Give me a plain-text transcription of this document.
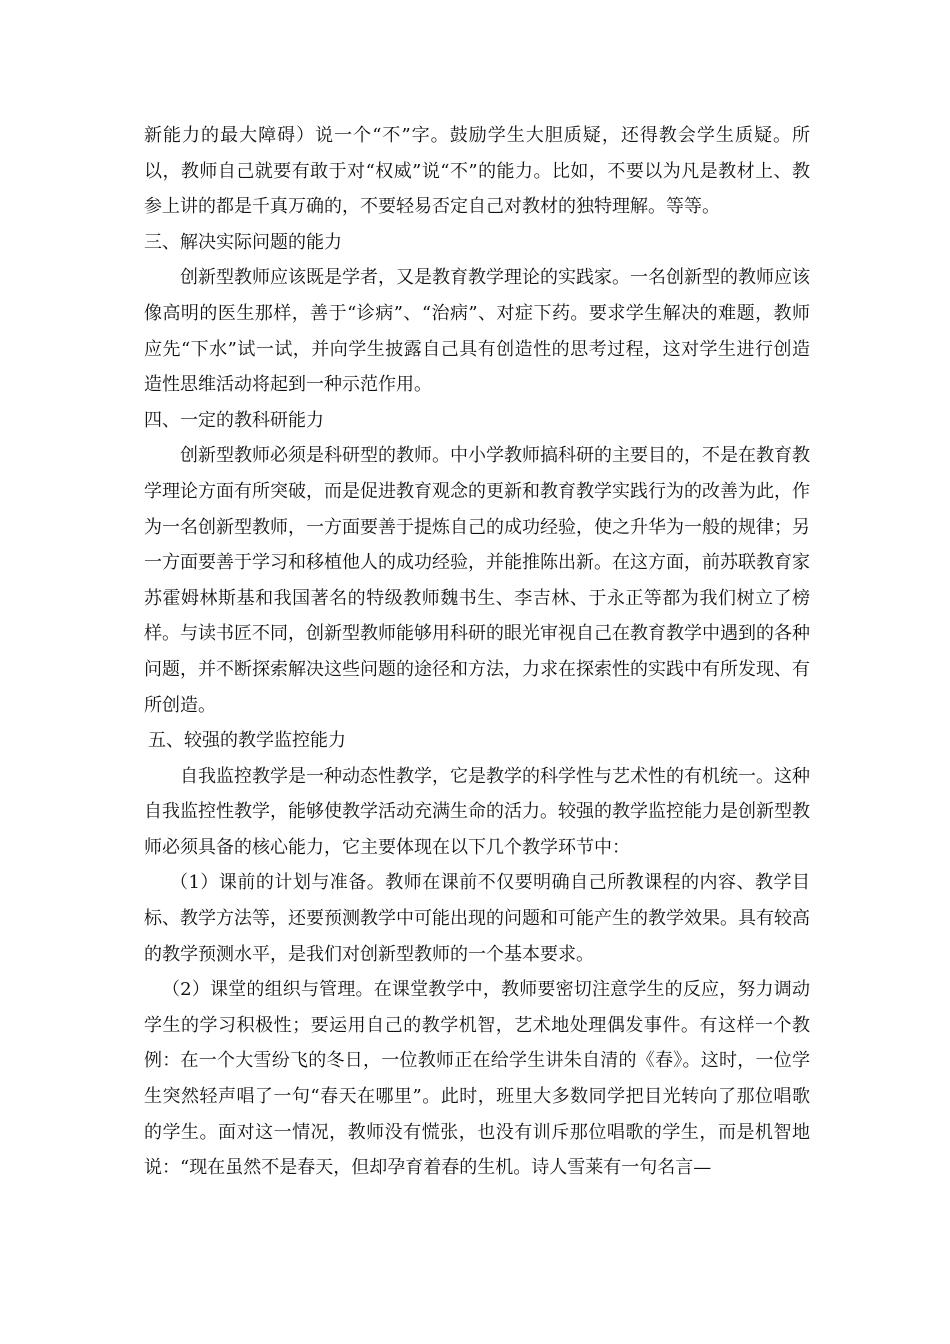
新能力的最大障碍）说一个“不”字。鼓励学生大胆质疑，还得教会学生质疑。所以，教师自己就要有敢于对“权威”说“不”的能力。比如，不要以为凡是教材上、教参上讲的都是千真万确的，不要轻易否定自己对教材的独特理解。等等。

三、解决实际问题的能力

创新型教师应该既是学者，又是教育教学理论的实践家。一名创新型的教师应该像高明的医生那样，善于“诊病”、“治病”、对症下药。要求学生解决的难题，教师应先“下水”试一试，并向学生披露自己具有创造性的思考过程，这对学生进行创造造性思维活动将起到一种示范作用。

四、一定的教科研能力

创新型教师必须是科研型的教师。中小学教师搞科研的主要目的，不是在教育教学理论方面有所突破，而是促进教育观念的更新和教育教学实践行为的改善为此，作为一名创新型教师，一方面要善于提炼自己的成功经验，使之升华为一般的规律；另一方面要善于学习和移植他人的成功经验，并能推陈出新。在这方面，前苏联教育家苏霍姆林斯基和我国著名的特级教师魏书生、李吉林、于永正等都为我们树立了榜样。与读书匠不同，创新型教师能够用科研的眼光审视自己在教育教学中遇到的各种问题，并不断探索解决这些问题的途径和方法，力求在探索性的实践中有所发现、有所创造。

五、较强的教学监控能力

自我监控教学是一种动态性教学，它是教学的科学性与艺术性的有机统一。这种自我监控性教学，能够使教学活动充满生命的活力。较强的教学监控能力是创新型教师必须具备的核心能力，它主要体现在以下几个教学环节中：

（1）课前的计划与准备。教师在课前不仅要明确自己所教课程的内容、教学目标、教学方法等，还要预测教学中可能出现的问题和可能产生的教学效果。具有较高的教学预测水平，是我们对创新型教师的一个基本要求。

（2）课堂的组织与管理。在课堂教学中，教师要密切注意学生的反应，努力调动学生的学习积极性；要运用自己的教学机智，艺术地处理偶发事件。有这样一个教例：在一个大雪纷飞的冬日，一位教师正在给学生讲朱自清的《春》。这时，一位学生突然轻声唱了一句“春天在哪里”。此时，班里大多数同学把目光转向了那位唱歌的学生。面对这一情况，教师没有慌张，也没有训斥那位唱歌的学生，而是机智地说：“现在虽然不是春天，但却孕育着春的生机。诗人雪莱有一句名言—
